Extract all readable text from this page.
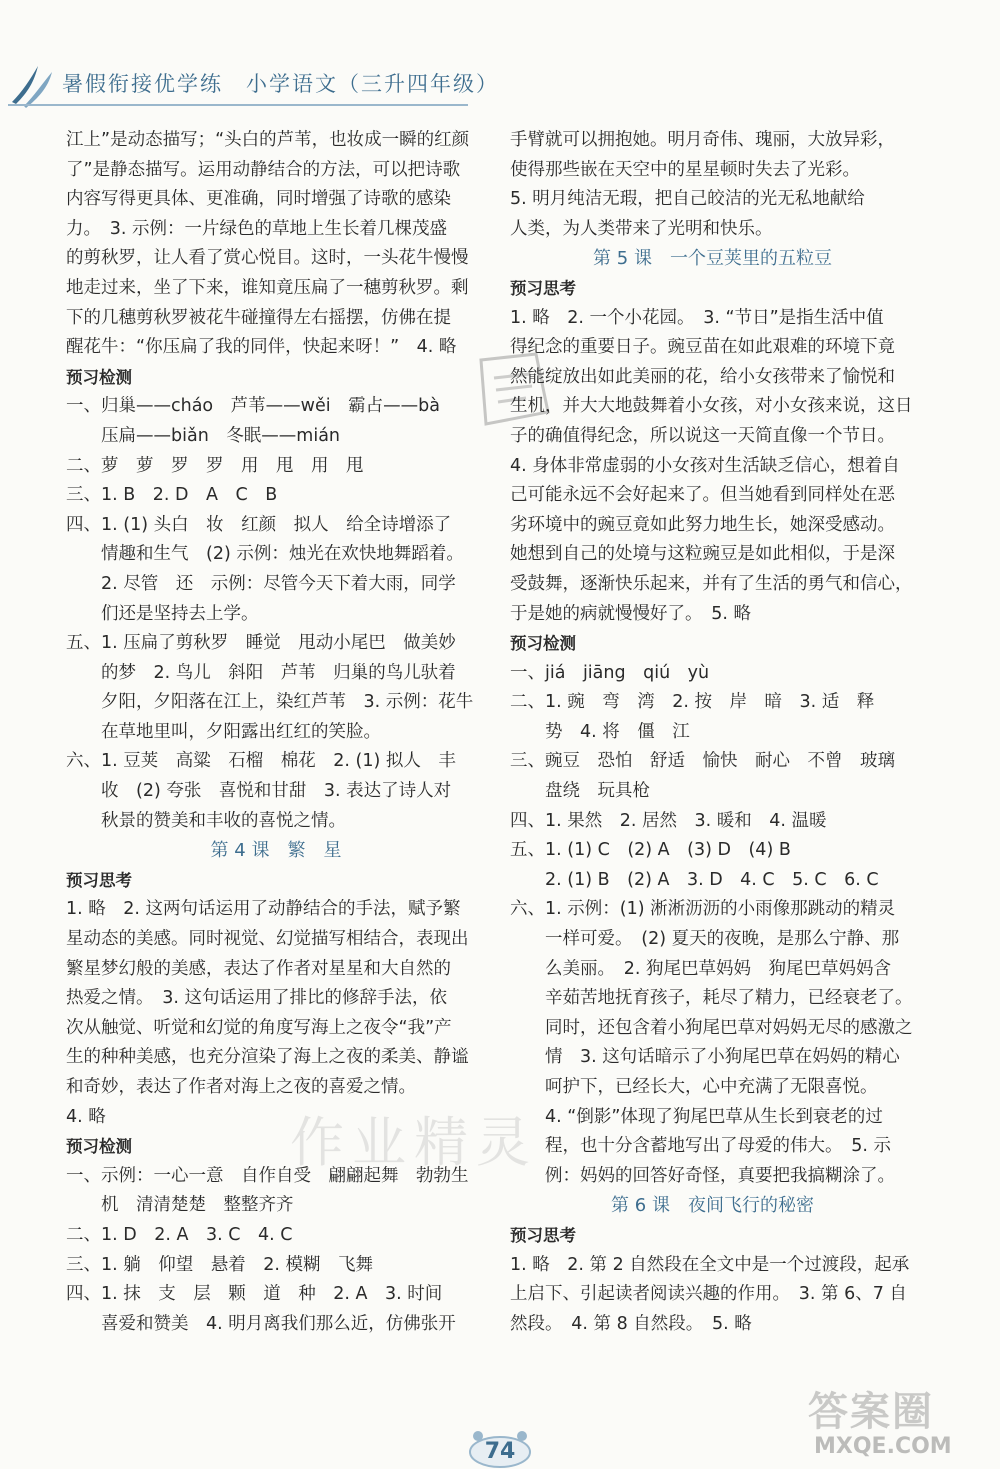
暑假衔接优学练　小学语文（三升四年级）
作业精灵
江上”是动态描写；“头白的芦苇，也妆成一瞬的红颜
了”是静态描写。运用动静结合的方法，可以把诗歌
内容写得更具体、更准确，同时增强了诗歌的感染
力。　3. 示例：一片绿色的草地上生长着几棵茂盛
的剪秋罗，让人看了赏心悦目。这时，一头花牛慢慢
地走过来，坐了下来，谁知竟压扁了一穗剪秋罗。剩
下的几穗剪秋罗被花牛碰撞得左右摇摆，仿佛在提
醒花牛：“你压扁了我的同伴，快起来呀！”　4. 略
预习检测
一、归巢——cháo　芦苇——wěi　霸占——bà
　　压扁——biǎn　冬眠——mián
二、萝　萝　罗　罗　用　甩　用　甩
三、1. B　2. D　A　C　B
四、1. (1) 头白　妆　红颜　拟人　给全诗增添了
　　情趣和生气　(2) 示例：烛光在欢快地舞蹈着。
　　2. 尽管　还　示例：尽管今天下着大雨，同学
　　们还是坚持去上学。
五、1. 压扁了剪秋罗　睡觉　甩动小尾巴　做美妙
　　的梦　2. 鸟儿　斜阳　芦苇　归巢的鸟儿驮着
　　夕阳，夕阳落在江上，染红芦苇　3. 示例：花牛
　　在草地里叫，夕阳露出红红的笑脸。
六、1. 豆荚　高粱　石榴　棉花　2. (1) 拟人　丰
　　收　(2) 夸张　喜悦和甘甜　3. 表达了诗人对
　　秋景的赞美和丰收的喜悦之情。
第 4 课　繁　星
预习思考
1. 略　2. 这两句话运用了动静结合的手法，赋予繁
星动态的美感。同时视觉、幻觉描写相结合，表现出
繁星梦幻般的美感，表达了作者对星星和大自然的
热爱之情。　3. 这句话运用了排比的修辞手法，依
次从触觉、听觉和幻觉的角度写海上之夜令“我”产
生的种种美感，也充分渲染了海上之夜的柔美、静谧
和奇妙，表达了作者对海上之夜的喜爱之情。
4. 略
预习检测
一、示例：一心一意　自作自受　翩翩起舞　勃勃生
　　机　清清楚楚　整整齐齐
二、1. D　2. A　3. C　4. C
三、1. 躺　仰望　悬着　2. 模糊　飞舞
四、1. 抹　支　层　颗　道　种　2. A　3. 时间
　　喜爱和赞美　4. 明月离我们那么近，仿佛张开
手臂就可以拥抱她。明月奇伟、瑰丽，大放异彩，
使得那些嵌在天空中的星星顿时失去了光彩。
5. 明月纯洁无瑕，把自己皎洁的光无私地献给
人类，为人类带来了光明和快乐。
第 5 课　一个豆荚里的五粒豆
预习思考
1. 略　2. 一个小花园。　3. “节日”是指生活中值
得纪念的重要日子。豌豆苗在如此艰难的环境下竟
然能绽放出如此美丽的花，给小女孩带来了愉悦和
生机，并大大地鼓舞着小女孩，对小女孩来说，这日
子的确值得纪念，所以说这一天简直像一个节日。
4. 身体非常虚弱的小女孩对生活缺乏信心，想着自
己可能永远不会好起来了。但当她看到同样处在恶
劣环境中的豌豆竟如此努力地生长，她深受感动。
她想到自己的处境与这粒豌豆是如此相似，于是深
受鼓舞，逐渐快乐起来，并有了生活的勇气和信心，
于是她的病就慢慢好了。　5. 略
预习检测
一、jiá　jiāng　qiú　yù
二、1. 豌　弯　湾　2. 按　岸　暗　3. 适　释
　　势　4. 将　僵　江
三、豌豆　恐怕　舒适　愉快　耐心　不曾　玻璃
　　盘绕　玩具枪
四、1. 果然　2. 居然　3. 暖和　4. 温暖
五、1. (1) C　(2) A　(3) D　(4) B
　　2. (1) B　(2) A　3. D　4. C　5. C　6. C
六、1. 示例：(1) 淅淅沥沥的小雨像那跳动的精灵
　　一样可爱。　(2) 夏天的夜晚，是那么宁静、那
　　么美丽。　2. 狗尾巴草妈妈　狗尾巴草妈妈含
　　辛茹苦地抚育孩子，耗尽了精力，已经衰老了。
　　同时，还包含着小狗尾巴草对妈妈无尽的感激之
　　情　3. 这句话暗示了小狗尾巴草在妈妈的精心
　　呵护下，已经长大，心中充满了无限喜悦。
　　4. “倒影”体现了狗尾巴草从生长到衰老的过
　　程，也十分含蓄地写出了母爱的伟大。　5. 示
　　例：妈妈的回答好奇怪，真要把我搞糊涂了。
第 6 课　夜间飞行的秘密
预习思考
1. 略　2. 第 2 自然段在全文中是一个过渡段，起承
上启下、引起读者阅读兴趣的作用。　3. 第 6、7 自
然段。　4. 第 8 自然段。　5. 略
74
答案圈
MXQE.COM
